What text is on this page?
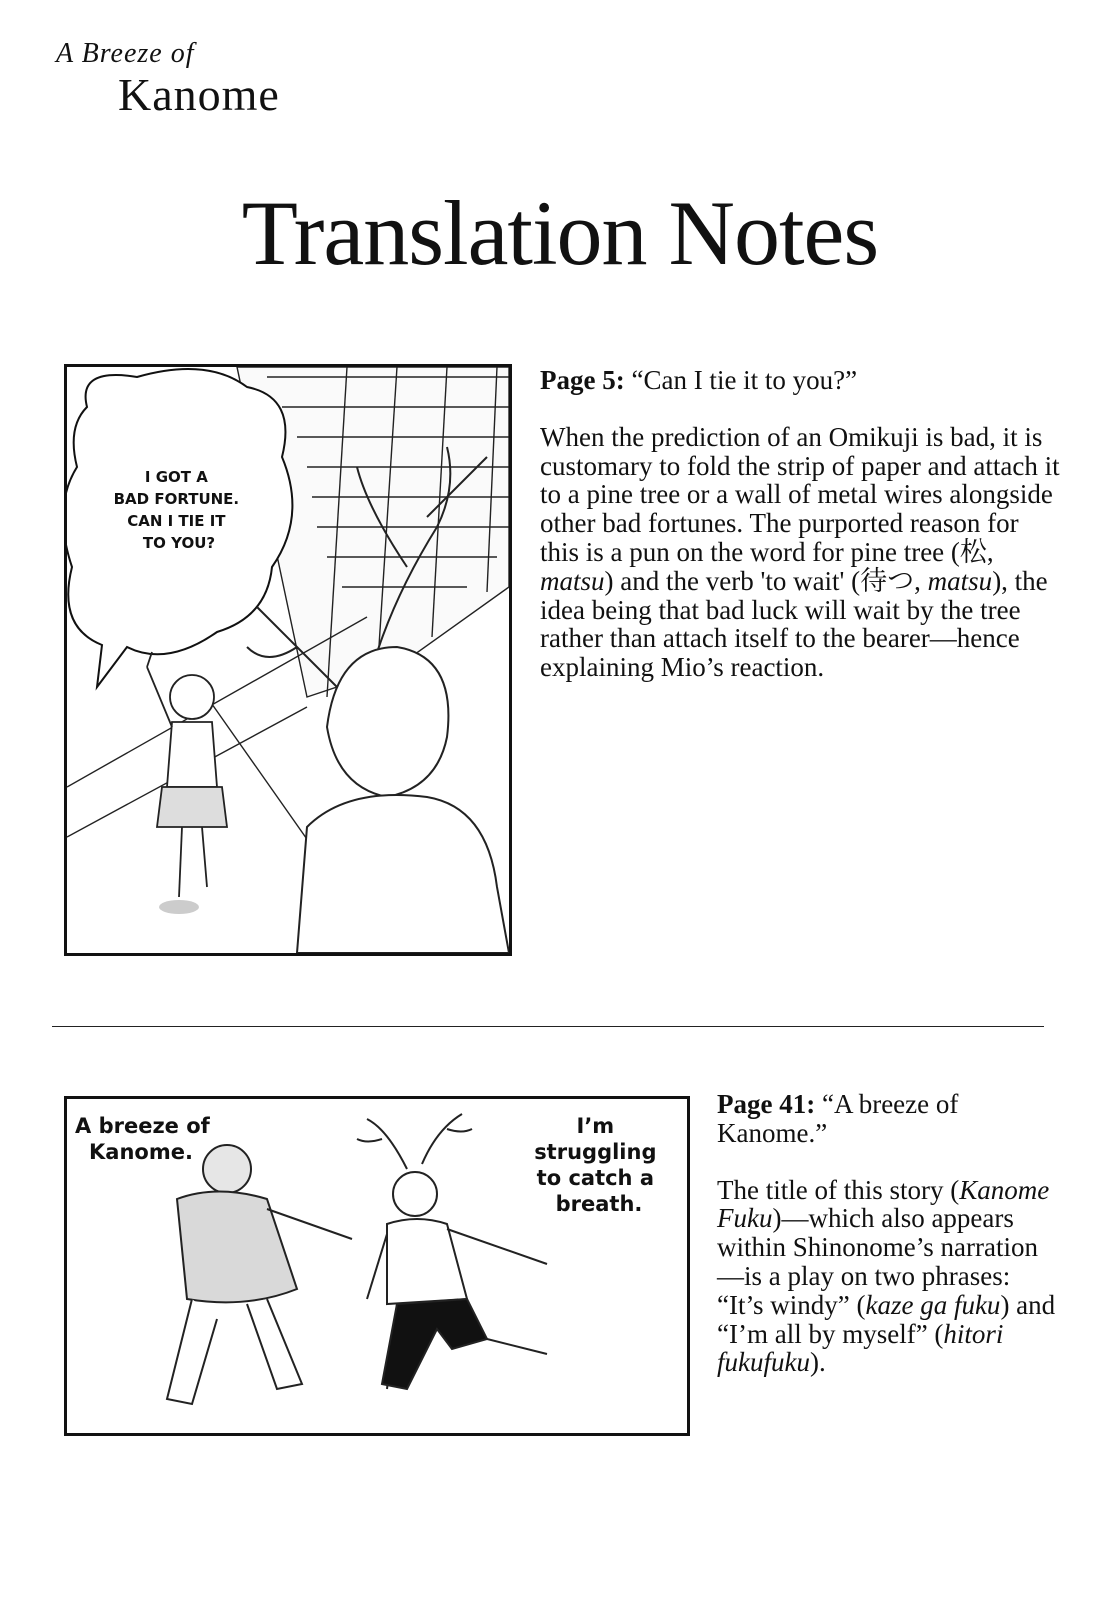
A Breeze of
Kanome
Translation Notes
I GOT A BAD FORTUNE. CAN I TIE IT TO YOU?

Page 5: “Can I tie it to you?”

When the prediction of an Omikuji is bad, it is customary to fold the strip of paper and attach it to a pine tree or a wall of metal wires alongside other bad fortunes. The purported reason for this is a pun on the word for pine tree (松, matsu) and the verb 'to wait' (待つ, matsu), the idea being that bad luck will wait by the tree rather than attach itself to the bearer—hence explaining Mio’s reaction.

A breeze of Kanome.
I’m struggling to catch a breath.

Page 41: “A breeze of Kanome.”

The title of this story (Kanome Fuku)—which also appears within Shinonome’s narration—is a play on two phrases: “It’s windy” (kaze ga fuku) and “I’m all by myself” (hitori fukufuku).
